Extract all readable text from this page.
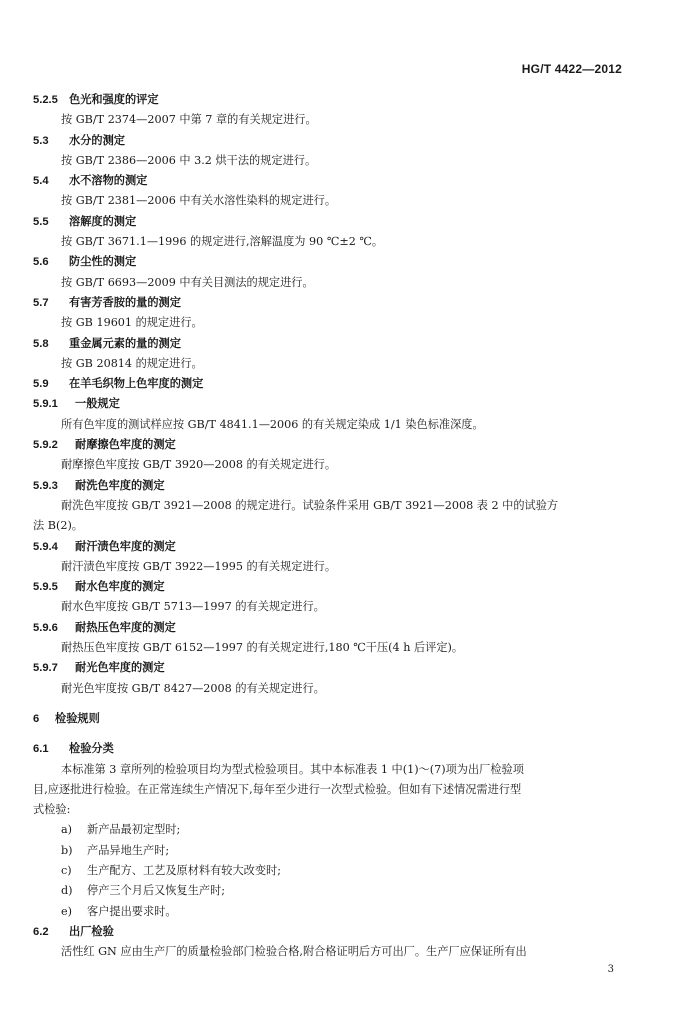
HG/T 4422—2012
5.2.5 色光和强度的评定
按 GB/T 2374—2007 中第 7 章的有关规定进行。
5.3 水分的测定
按 GB/T 2386—2006 中 3.2 烘干法的规定进行。
5.4 水不溶物的测定
按 GB/T 2381—2006 中有关水溶性染料的规定进行。
5.5 溶解度的测定
按 GB/T 3671.1—1996 的规定进行,溶解温度为 90 ℃±2 ℃。
5.6 防尘性的测定
按 GB/T 6693—2009 中有关目测法的规定进行。
5.7 有害芳香胺的量的测定
按 GB 19601 的规定进行。
5.8 重金属元素的量的测定
按 GB 20814 的规定进行。
5.9 在羊毛织物上色牢度的测定
5.9.1 一般规定
所有色牢度的测试样应按 GB/T 4841.1—2006 的有关规定染成 1/1 染色标准深度。
5.9.2 耐摩擦色牢度的测定
耐摩擦色牢度按 GB/T 3920—2008 的有关规定进行。
5.9.3 耐洗色牢度的测定
耐洗色牢度按 GB/T 3921—2008 的规定进行。试验条件采用 GB/T 3921—2008 表 2 中的试验方
法 B(2)。
5.9.4 耐汗渍色牢度的测定
耐汗渍色牢度按 GB/T 3922—1995 的有关规定进行。
5.9.5 耐水色牢度的测定
耐水色牢度按 GB/T 5713—1997 的有关规定进行。
5.9.6 耐热压色牢度的测定
耐热压色牢度按 GB/T 6152—1997 的有关规定进行,180 ℃干压(4 h 后评定)。
5.9.7 耐光色牢度的测定
耐光色牢度按 GB/T 8427—2008 的有关规定进行。
6 检验规则
6.1 检验分类
本标准第 3 章所列的检验项目均为型式检验项目。其中本标准表 1 中(1)～(7)项为出厂检验项
目,应逐批进行检验。在正常连续生产情况下,每年至少进行一次型式检验。但如有下述情况需进行型
式检验:
a) 新产品最初定型时;
b) 产品异地生产时;
c) 生产配方、工艺及原材料有较大改变时;
d) 停产三个月后又恢复生产时;
e) 客户提出要求时。
6.2 出厂检验
活性红 GN 应由生产厂的质量检验部门检验合格,附合格证明后方可出厂。生产厂应保证所有出
3
